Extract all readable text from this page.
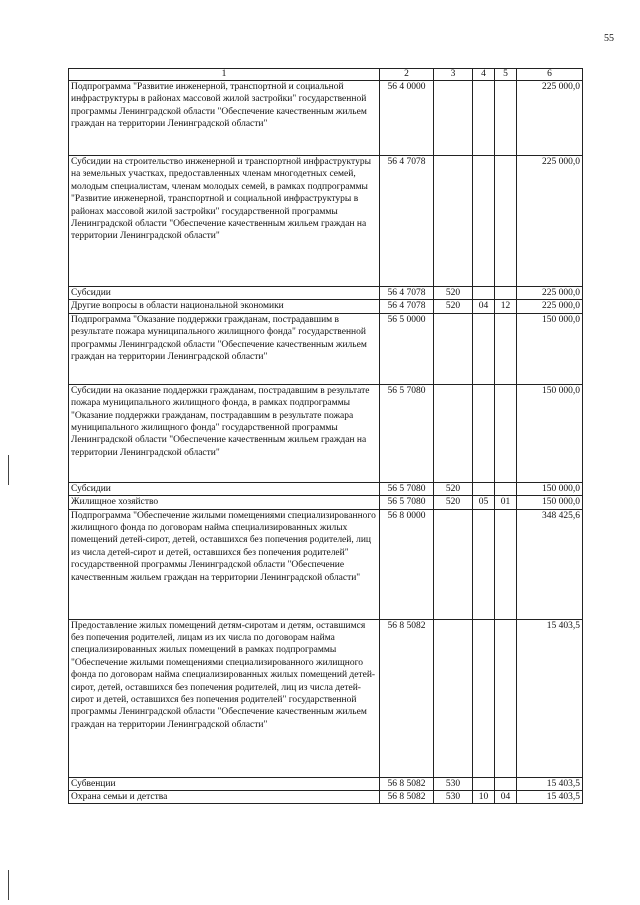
55
1	2	3	4	5	6
Подпрограмма "Развитие инженерной, транспортной и социальной инфраструктуры в районах массовой жилой застройки" государственной программы Ленинградской области "Обеспечение качественным жильем граждан на территории Ленинградской области"	56 4 0000				225 000,0
Субсидии на строительство инженерной и транспортной инфраструктуры на земельных участках, предоставленных членам многодетных семей, молодым специалистам, членам молодых семей, в рамках подпрограммы "Развитие инженерной, транспортной и социальной инфраструктуры в районах массовой жилой застройки" государственной программы Ленинградской области "Обеспечение качественным жильем граждан на территории Ленинградской области"	56 4 7078				225 000,0
Субсидии	56 4 7078	520			225 000,0
Другие вопросы в области национальной экономики	56 4 7078	520	04	12	225 000,0
Подпрограмма "Оказание поддержки гражданам, пострадавшим в результате пожара муниципального жилищного фонда" государственной программы Ленинградской области "Обеспечение качественным жильем граждан на территории Ленинградской области"	56 5 0000				150 000,0
Субсидии на оказание поддержки гражданам, пострадавшим в результате пожара муниципального жилищного фонда, в рамках подпрограммы "Оказание поддержки гражданам, пострадавшим в результате пожара муниципального жилищного фонда" государственной программы Ленинградской области "Обеспечение качественным жильем граждан на территории Ленинградской области"	56 5 7080				150 000,0
Субсидии	56 5 7080	520			150 000,0
Жилищное хозяйство	56 5 7080	520	05	01	150 000,0
Подпрограмма "Обеспечение жилыми помещениями специализированного жилищного фонда по договорам найма специализированных жилых помещений детей-сирот, детей, оставшихся без попечения родителей, лиц из числа детей-сирот и детей, оставшихся без попечения родителей" государственной программы Ленинградской области "Обеспечение качественным жильем граждан на территории Ленинградской области"	56 8 0000				348 425,6
Предоставление жилых помещений детям-сиротам и детям, оставшимся без попечения родителей, лицам из их числа по договорам найма специализированных жилых помещений в рамках подпрограммы "Обеспечение жилыми помещениями специализированного жилищного фонда по договорам найма специализированных жилых помещений детей-сирот, детей, оставшихся без попечения родителей, лиц из числа детей-сирот и детей, оставшихся без попечения родителей" государственной программы Ленинградской области "Обеспечение качественным жильем граждан на территории Ленинградской области"	56 8 5082				15 403,5
Субвенции	56 8 5082	530			15 403,5
Охрана семьи и детства	56 8 5082	530	10	04	15 403,5
